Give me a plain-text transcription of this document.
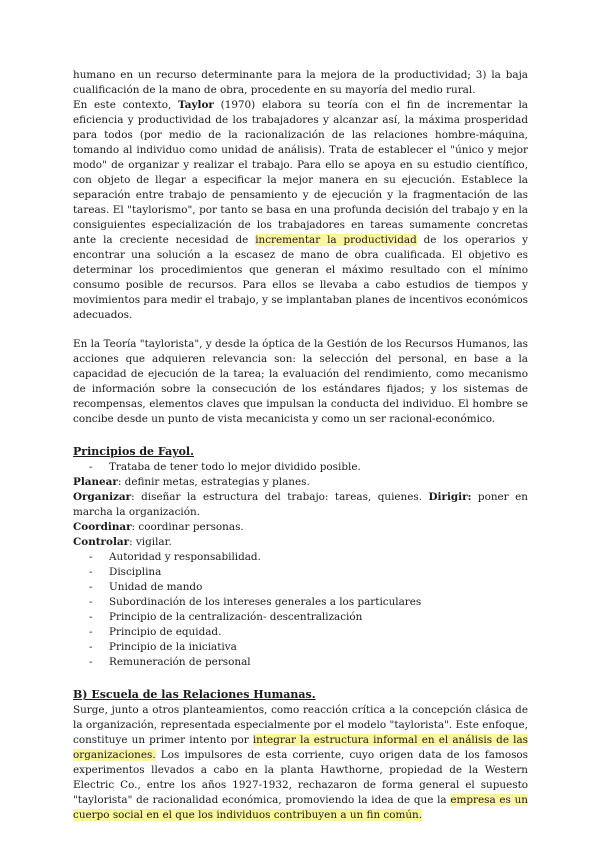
humano en un recurso determinante para la mejora de la productividad; 3) la baja cualificación de la mano de obra, procedente en su mayoría del medio rural.

En este contexto, Taylor (1970) elabora su teoría con el fin de incrementar la eficiencia y productividad de los trabajadores y alcanzar así, la máxima prosperidad para todos (por medio de la racionalización de las relaciones hombre-máquina, tomando al individuo como unidad de análisis). Trata de establecer el "único y mejor modo" de organizar y realizar el trabajo. Para ello se apoya en su estudio científico, con objeto de llegar a especificar la mejor manera en su ejecución. Establece la separación entre trabajo de pensamiento y de ejecución y la fragmentación de las tareas. El "taylorismo", por tanto se basa en una profunda decisión del trabajo y en la consiguientes especialización de los trabajadores en tareas sumamente concretas ante la creciente necesidad de incrementar la productividad de los operarios y encontrar una solución a la escasez de mano de obra cualificada. El objetivo es determinar los procedimientos que generan el máximo resultado con el mínimo consumo posible de recursos. Para ellos se llevaba a cabo estudios de tiempos y movimientos para medir el trabajo, y se implantaban planes de incentivos económicos adecuados.

En la Teoría "taylorista", y desde la óptica de la Gestión de los Recursos Humanos, las acciones que adquieren relevancia son: la selección del personal, en base a la capacidad de ejecución de la tarea; la evaluación del rendimiento, como mecanismo de información sobre la consecución de los estándares fijados; y los sistemas de recompensas, elementos claves que impulsan la conducta del individuo. El hombre se concibe desde un punto de vista mecanicista y como un ser racional-económico.

Principios de Fayol.
- Trataba de tener todo lo mejor dividido posible.

Planear: definir metas, estrategias y planes.

Organizar: diseñar la estructura del trabajo: tareas, quienes. Dirigir: poner en marcha la organización.

Coordinar: coordinar personas.

Controlar: vigilar.

- Autoridad y responsabilidad.
- Disciplina
- Unidad de mando
- Subordinación de los intereses generales a los particulares
- Principio de la centralización- descentralización
- Principio de equidad.
- Principio de la iniciativa
- Remuneración de personal
B) Escuela de las Relaciones Humanas.

Surge, junto a otros planteamientos, como reacción crítica a la concepción clásica de la organización, representada especialmente por el modelo "taylorista". Este enfoque, constituye un primer intento por integrar la estructura informal en el análisis de las organizaciones. Los impulsores de esta corriente, cuyo origen data de los famosos experimentos llevados a cabo en la planta Hawthorne, propiedad de la Western Electric Co., entre los años 1927-1932, rechazaron de forma general el supuesto "taylorista" de racionalidad económica, promoviendo la idea de que la empresa es un cuerpo social en el que los individuos contribuyen a un fin común.
